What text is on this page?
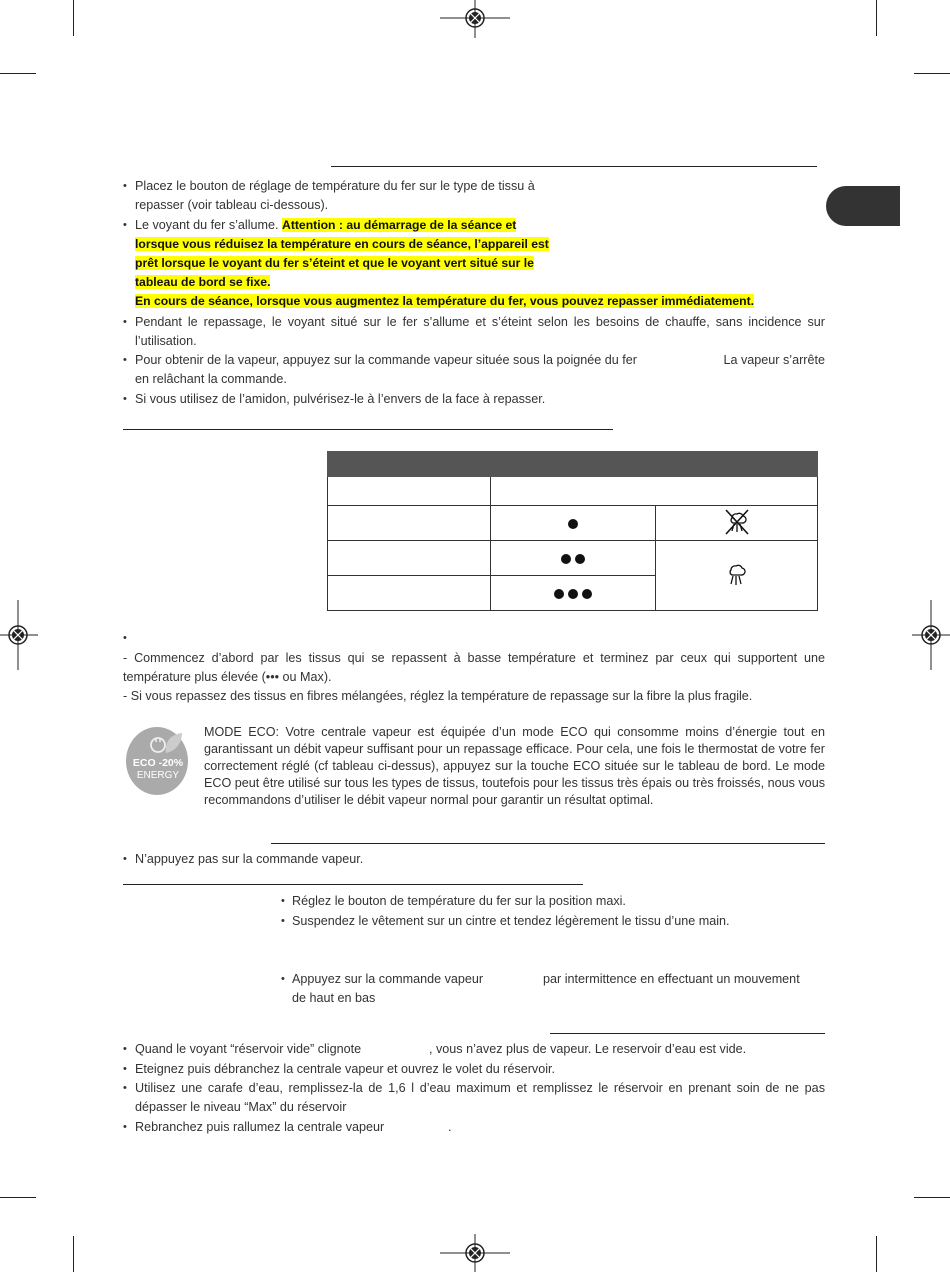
• Placez le bouton de réglage de température du fer sur le type de tissu à
repasser (voir tableau ci-dessous).
• Le voyant du fer s’allume. Attention : au démarrage de la séance et
lorsque vous réduisez la température en cours de séance, l’appareil est
prêt lorsque le voyant du fer s’éteint et que le voyant vert situé sur le
tableau de bord se fixe.
En cours de séance, lorsque vous augmentez la température du fer, vous pouvez repasser immédiatement.
• Pendant le repassage, le voyant situé sur le fer s’allume et s’éteint selon les besoins de chauffe, sans incidence sur l’utilisation.
• Pour obtenir de la vapeur, appuyez sur la commande vapeur située sous la poignée du fer	La vapeur s’arrête
en relâchant la commande.
• Si vous utilisez de l’amidon, pulvérisez-le à l’envers de la face à repasser.

•
- Commencez d’abord par les tissus qui se repassent à basse température et terminez par ceux qui supportent une température plus élevée (••• ou Max).
- Si vous repassez des tissus en fibres mélangées, réglez la température de repassage sur la fibre la plus fragile.
ECO -20%
ENERGY
MODE ECO: Votre centrale vapeur est équipée d’un mode ECO qui consomme moins d’énergie tout en garantissant un débit vapeur suffisant pour un repassage efficace. Pour cela, une fois le thermostat de votre fer correctement réglé (cf tableau ci-dessus), appuyez sur la touche ECO située sur le tableau de bord. Le mode ECO peut être utilisé sur tous les types de tissus, toutefois pour les tissus très épais ou très froissés, nous vous recommandons d’utiliser le débit vapeur normal pour garantir un résultat optimal.
• N’appuyez pas sur la commande vapeur.
• Réglez le bouton de température du fer sur la position maxi.
• Suspendez le vêtement sur un cintre et tendez légèrement le tissu d’une main.
• Appuyez sur la commande vapeur	par intermittence en effectuant un mouvement
de haut en bas
• Quand le voyant “réservoir vide” clignote	, vous n’avez plus de vapeur. Le reservoir d’eau est vide.
• Eteignez puis débranchez la centrale vapeur et ouvrez le volet du réservoir.
• Utilisez une carafe d’eau, remplissez-la de 1,6 l d’eau maximum et remplissez le réservoir en prenant soin de ne pas
dépasser le niveau “Max” du réservoir
• Rebranchez puis rallumez la centrale vapeur	.
